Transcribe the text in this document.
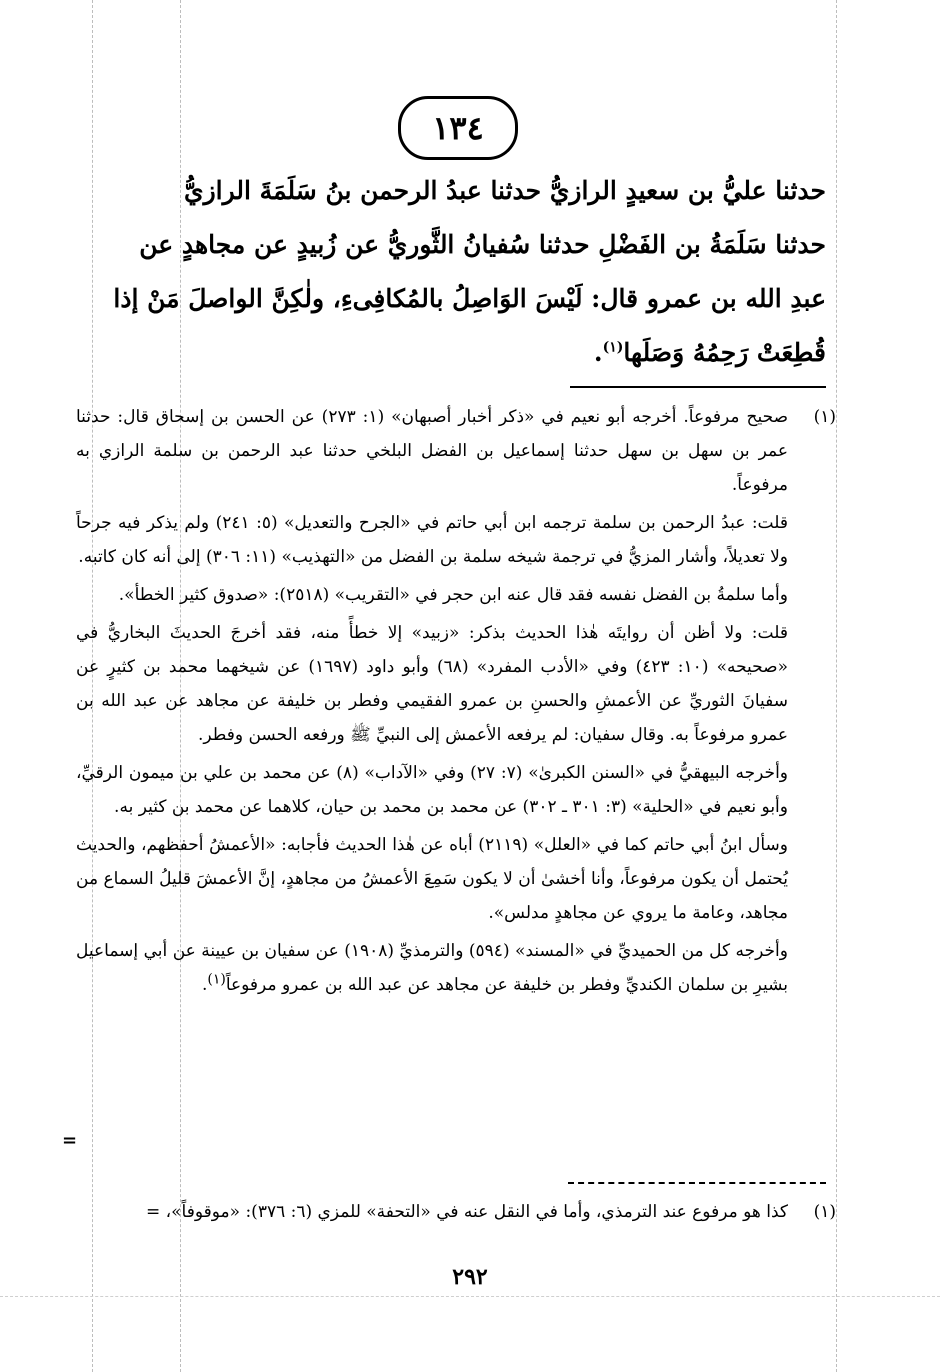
١٣٤
حدثنا عليُّ بن سعيدٍ الرازيُّ حدثنا عبدُ الرحمن بنُ سَلَمَةَ الرازيُّ
حدثنا سَلَمَةُ بن الفَضْلِ حدثنا سُفيانُ الثَّوريُّ عن زُبيدٍ عن مجاهدٍ عن
عبدِ الله بن عمرو قال: لَيْسَ الوَاصِلُ بالمُكافِىءِ، ولٰكِنَّ الواصلَ مَنْ إذا
قُطِعَتْ رَحِمُهُ وَصَلَها$^{(١)}$.
(١)
صحيح مرفوعاً. أخرجه أبو نعيم في «ذكر أخبار أصبهان» (١: ٢٧٣) عن الحسن بن إسحاق قال: حدثنا عمر بن سهل بن سهل حدثنا إسماعيل بن الفضل البلخي حدثنا عبد الرحمن بن سلمة الرازي به مرفوعاً.
قلت: عبدُ الرحمن بن سلمة ترجمه ابن أبي حاتم في «الجرح والتعديل» (٥: ٢٤١) ولم يذكر فيه جرحاً ولا تعديلاً، وأشار المزيُّ في ترجمة شيخه سلمة بن الفضل من «التهذيب» (١١: ٣٠٦) إلى أنه كان كاتبه.
وأما سلمةُ بن الفضل نفسه فقد قال عنه ابن حجر في «التقريب» (٢٥١٨): «صدوق كثير الخطأ».
قلت: ولا أظن أن روايتَه هٰذا الحديث بذكر: «زبيد» إلا خطأً منه، فقد أخرجَ الحديثَ البخاريُّ في «صحيحه» (١٠: ٤٢٣) وفي «الأدب المفرد» (٦٨) وأبو داود (١٦٩٧) عن شيخهما محمد بن كثيرٍ عن سفيانَ الثوريِّ عن الأعمشِ والحسنِ بن عمرو الفقيمي وفطر بن خليفة عن مجاهد عن عبد الله بن عمرو مرفوعاً به. وقال سفيان: لم يرفعه الأعمش إلى النبيِّ ﷺ ورفعه الحسن وفطر.
وأخرجه البيهقيُّ في «السنن الكبرىٰ» (٧: ٢٧) وفي «الآداب» (٨) عن محمد بن علي بن ميمون الرقيِّ، وأبو نعيم في «الحلية» (٣: ٣٠١ ـ ٣٠٢) عن محمد بن محمد بن حيان، كلاهما عن محمد بن كثير به.
وسأل ابنُ أبي حاتم كما في «العلل» (٢١١٩) أباه عن هٰذا الحديث فأجابه: «الأعمشُ أحفظهم، والحديث يُحتمل أن يكون مرفوعاً، وأنا أخشىٰ أن لا يكون سَمِعَ الأعمشُ من مجاهدٍ، إنَّ الأعمشَ قليلُ السماع من مجاهد، وعامة ما يروي عن مجاهدٍ مدلس».
وأخرجه كل من الحميديِّ في «المسند» (٥٩٤) والترمذيِّ (١٩٠٨) عن سفيان بن عيينة عن أبي إسماعيل بشيرِ بن سلمان الكنديِّ وفطر بن خليفة عن مجاهد عن عبد الله بن عمرو مرفوعاً$^{(١)}$.
=
(١)
كذا هو مرفوع عند الترمذي، وأما في النقل عنه في «التحفة» للمزي (٦: ٣٧٦): «موقوفاً»، =
٢٩٢
